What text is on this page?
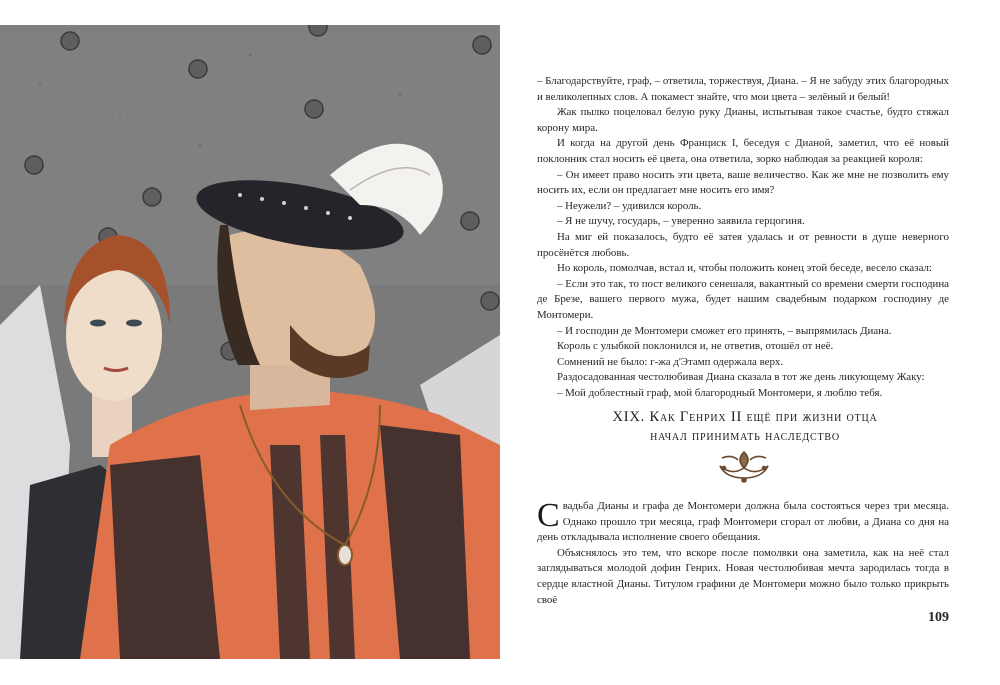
– Благодарствуйте, граф, – ответила, торжествуя, Диана. – Я не забуду этих благородных и великолепных слов. А покамест знайте, что мои цвета – зелёный и белый!

Жак пылко поцеловал белую руку Дианы, испытывая такое счастье, будто стяжал корону мира.

И когда на другой день Франциск I, беседуя с Дианой, заметил, что её новый поклонник стал носить её цвета, она ответила, зорко наблюдая за реакцией короля:

– Он имеет право носить эти цвета, ваше величество. Как же мне не позволить ему носить их, если он предлагает мне носить его имя?

– Неужели? – удивился король.

– Я не шучу, государь, – уверенно заявила герцогиня.

На миг ей показалось, будто её затея удалась и от ревности в душе неверного просёнётся любовь.

Но король, помолчав, встал и, чтобы положить конец этой беседе, весело сказал:

– Если это так, то пост великого сенешаля, вакантный со времени смерти господина де Брезе, вашего первого мужа, будет нашим свадебным подарком господину де Монтомери.

– И господин де Монтомери сможет его принять, – выпрямилась Диана.

Король с улыбкой поклонился и, не ответив, отошёл от неё.

Сомнений не было: г-жа д'Этамп одержала верх.

Раздосадованная честолюбивая Диана сказала в тот же день ликующему Жаку:

– Мой доблестный граф, мой благородный Монтомери, я люблю тебя.

XIX. Как Генрих II ещё при жизни отца
начал принимать наследство

Свадьба Дианы и графа де Монтомери должна была состояться через три месяца. Однако прошло три месяца, граф Монтомери сгорал от любви, а Диана со дня на день откладывала исполнение своего обещания.

Объяснялось это тем, что вскоре после помолвки она заметила, как на неё стал заглядываться молодой дофин Генрих. Новая честолюбивая мечта зародилась тогда в сердце властной Дианы. Титулом графини де Монтомери можно было только прикрыть своё

109
